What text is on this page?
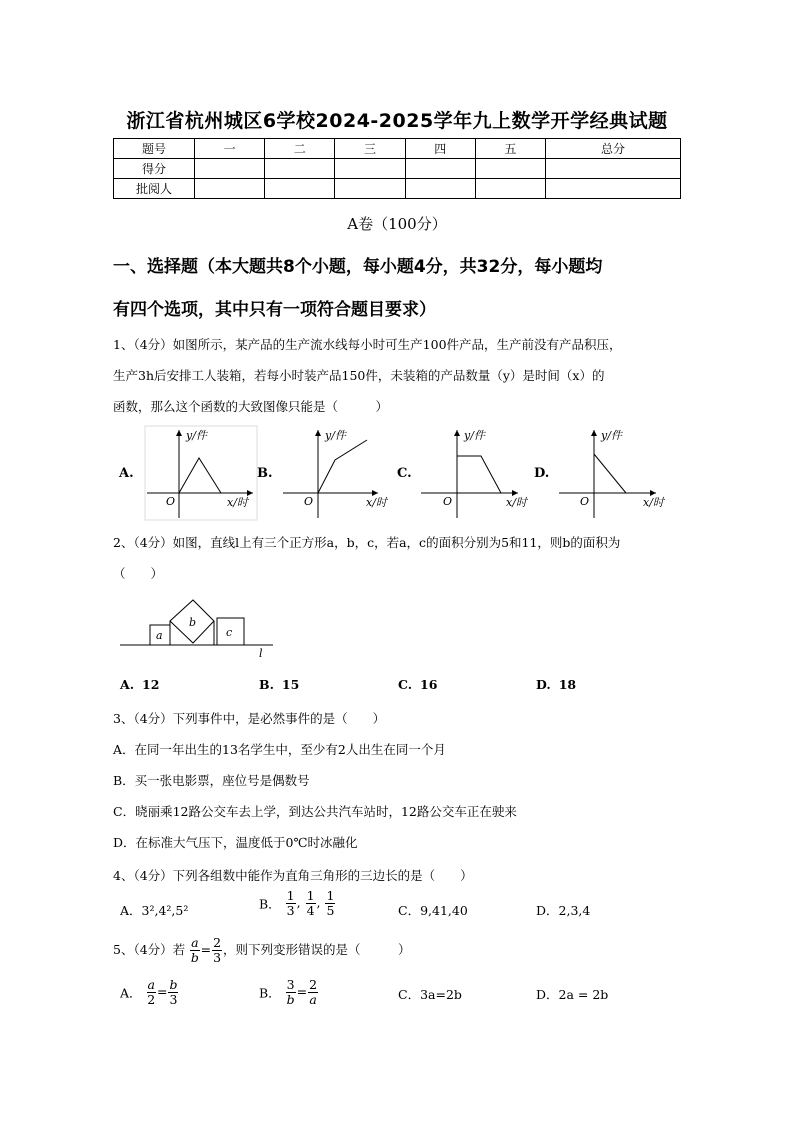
浙江省杭州城区6学校2024-2025学年九上数学开学经典试题
题号	一	二	三	四	五	总分
得分						
批阅人						
A卷（100分）
一、选择题（本大题共8个小题，每小题4分，共32分，每小题均
有四个选项，其中只有一项符合题目要求）
1、（4分）如图所示，某产品的生产流水线每小时可生产100件产品，生产前没有产品积压，
生产3h后安排工人装箱，若每小时装产品150件，未装箱的产品数量（y）是时间（x）的
函数，那么这个函数的大致图像只能是（　　　）
A.
y/件
x/时
O
B.
y/件
x/时
O
C.
y/件
x/时
O
D.
y/件
x/时
O
2、（4分）如图，直线l上有三个正方形a，b，c，若a，c的面积分别为5和11，则b的面积为
（　　）
l
a
b
c
A. 12	B. 15	C. 16	D. 18
3、（4分）下列事件中，是必然事件的是（　　）
A．在同一年出生的13名学生中，至少有2人出生在同一个月
B．买一张电影票，座位号是偶数号
C．晓丽乘12路公交车去上学，到达公共汽车站时，12路公交车正在驶来
D．在标准大气压下，温度低于0℃时冰融化
4、（4分）下列各组数中能作为直角三角形的三边长的是（　　）
A．3²,4²,5²	B． $\frac{1}{3}$ , $\frac{1}{4}$ , $\frac{1}{5}$	C．9,41,40	D．2,3,4
5、（4分）若 $\frac{a}{b} = \frac{2}{3}$ ，则下列变形错误的是（　　　）
A． $\frac{a}{2} = \frac{b}{3}$	B． $\frac{3}{b} = \frac{2}{a}$	C．3a=2b	D．2a = 2b
